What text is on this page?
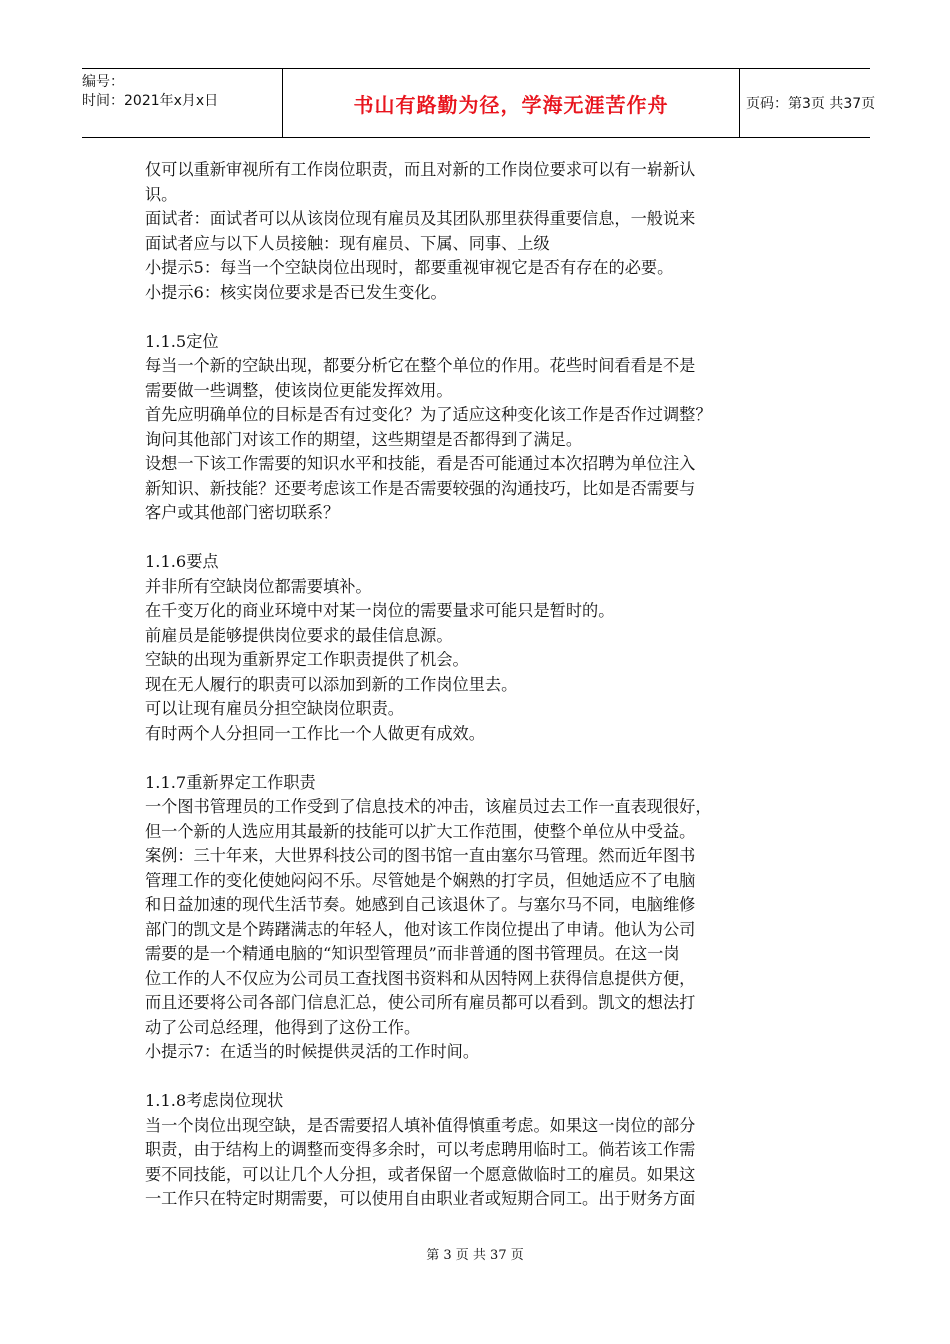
编号：
时间：2021年x月x日	书山有路勤为径，学海无涯苦作舟	页码：第3页 共37页
仅可以重新审视所有工作岗位职责，而且对新的工作岗位要求可以有一崭新认
识。
面试者：面试者可以从该岗位现有雇员及其团队那里获得重要信息，一般说来
面试者应与以下人员接触：现有雇员、下属、同事、上级
小提示5：每当一个空缺岗位出现时，都要重视审视它是否有存在的必要。
小提示6：核实岗位要求是否已发生变化。
1.1.5定位
每当一个新的空缺出现，都要分析它在整个单位的作用。花些时间看看是不是
需要做一些调整，使该岗位更能发挥效用。
首先应明确单位的目标是否有过变化？为了适应这种变化该工作是否作过调整？
询问其他部门对该工作的期望，这些期望是否都得到了满足。
设想一下该工作需要的知识水平和技能，看是否可能通过本次招聘为单位注入
新知识、新技能？还要考虑该工作是否需要较强的沟通技巧，比如是否需要与
客户或其他部门密切联系？
1.1.6要点
并非所有空缺岗位都需要填补。
在千变万化的商业环境中对某一岗位的需要量求可能只是暂时的。
前雇员是能够提供岗位要求的最佳信息源。
空缺的出现为重新界定工作职责提供了机会。
现在无人履行的职责可以添加到新的工作岗位里去。
可以让现有雇员分担空缺岗位职责。
有时两个人分担同一工作比一个人做更有成效。
1.1.7重新界定工作职责
一个图书管理员的工作受到了信息技术的冲击，该雇员过去工作一直表现很好，
但一个新的人选应用其最新的技能可以扩大工作范围，使整个单位从中受益。
案例：三十年来，大世界科技公司的图书馆一直由塞尔马管理。然而近年图书
管理工作的变化使她闷闷不乐。尽管她是个娴熟的打字员，但她适应不了电脑
和日益加速的现代生活节奏。她感到自己该退休了。与塞尔马不同，电脑维修
部门的凯文是个踌躇满志的年轻人，他对该工作岗位提出了申请。他认为公司
需要的是一个精通电脑的“知识型管理员”而非普通的图书管理员。在这一岗
位工作的人不仅应为公司员工查找图书资料和从因特网上获得信息提供方便，
而且还要将公司各部门信息汇总，使公司所有雇员都可以看到。凯文的想法打
动了公司总经理，他得到了这份工作。
小提示7：在适当的时候提供灵活的工作时间。
1.1.8考虑岗位现状
当一个岗位出现空缺，是否需要招人填补值得慎重考虑。如果这一岗位的部分
职责，由于结构上的调整而变得多余时，可以考虑聘用临时工。倘若该工作需
要不同技能，可以让几个人分担，或者保留一个愿意做临时工的雇员。如果这
一工作只在特定时期需要，可以使用自由职业者或短期合同工。出于财务方面
第 3 页 共 37 页
